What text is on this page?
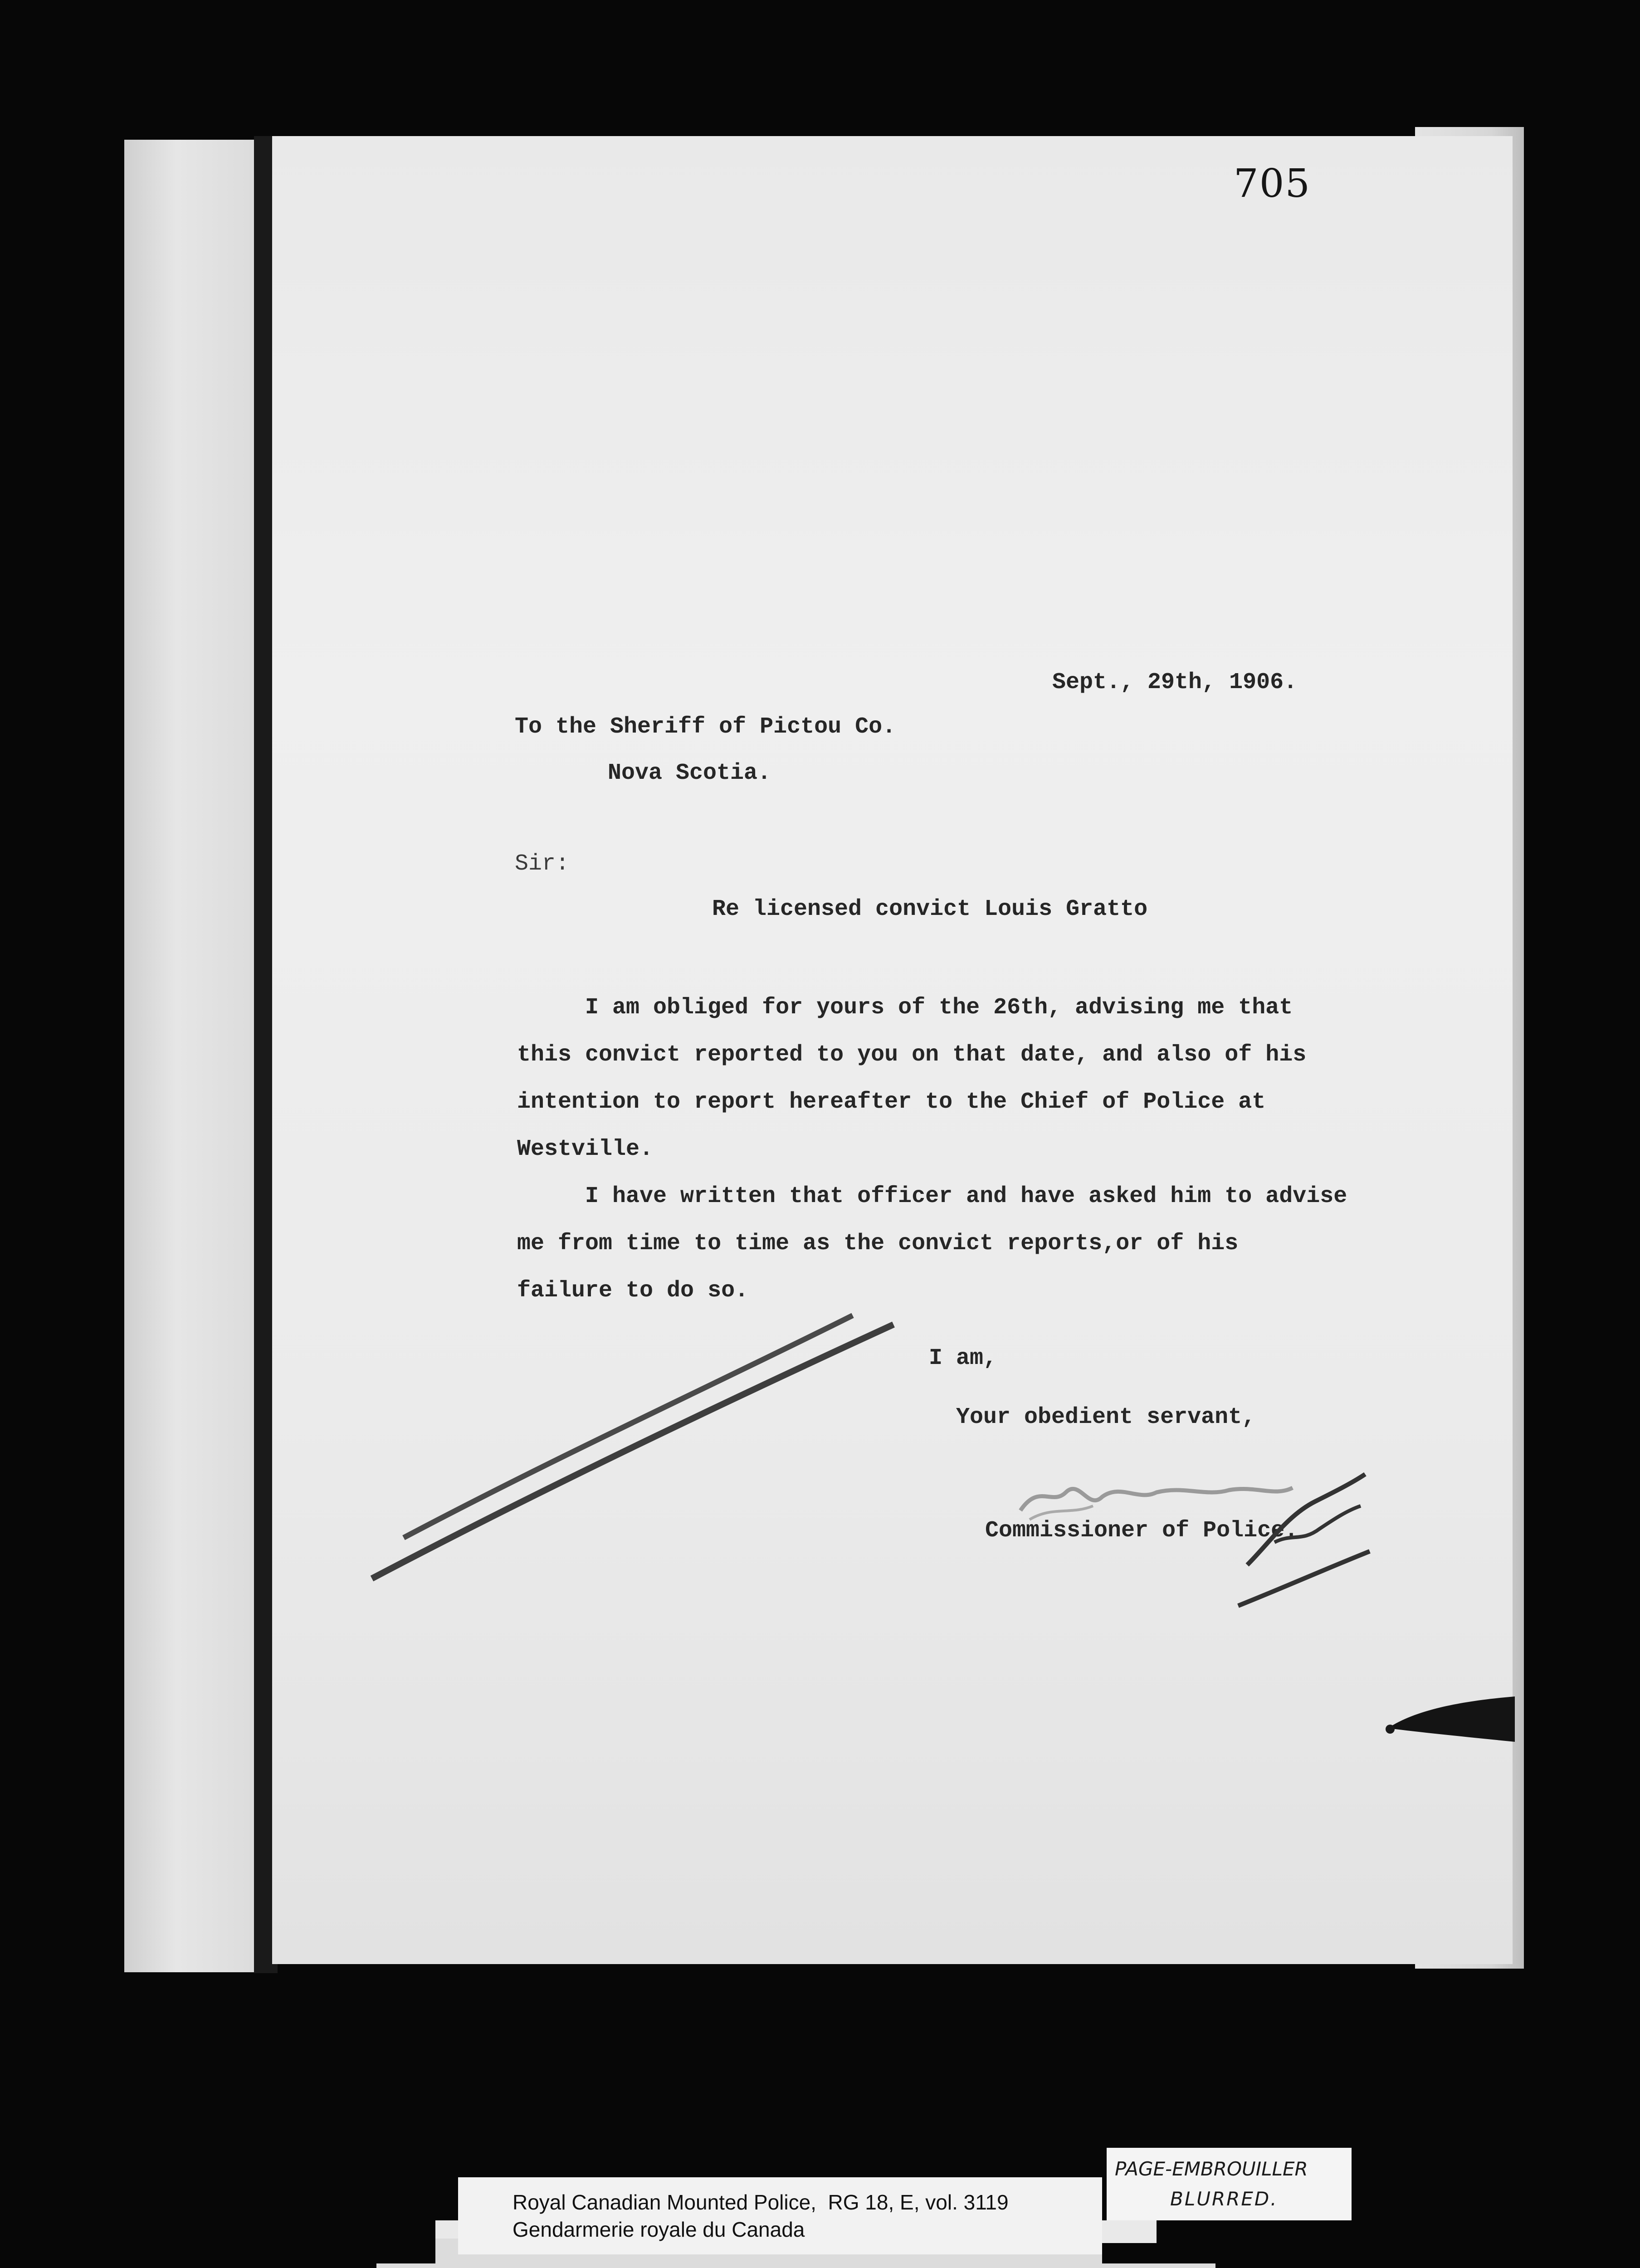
705
Sept., 29th, 1906.
To the Sheriff of Pictou Co.
Nova Scotia.
Sir:
Re licensed convict Louis Gratto

I am obliged for yours of the 26th, advising me that

this convict reported to you on that date, and also of his

intention to report hereafter to the Chief of Police at

Westville.

I have written that officer and have asked him to advise

me from time to time as the convict reports,or of his

failure to do so.

I am,
Your obedient servant,
Commissioner of Police.
PAGE-EMBROUILLER
BLURRED.
Royal Canadian Mounted Police,  RG 18, E, vol. 3119
Gendarmerie royale du Canada
